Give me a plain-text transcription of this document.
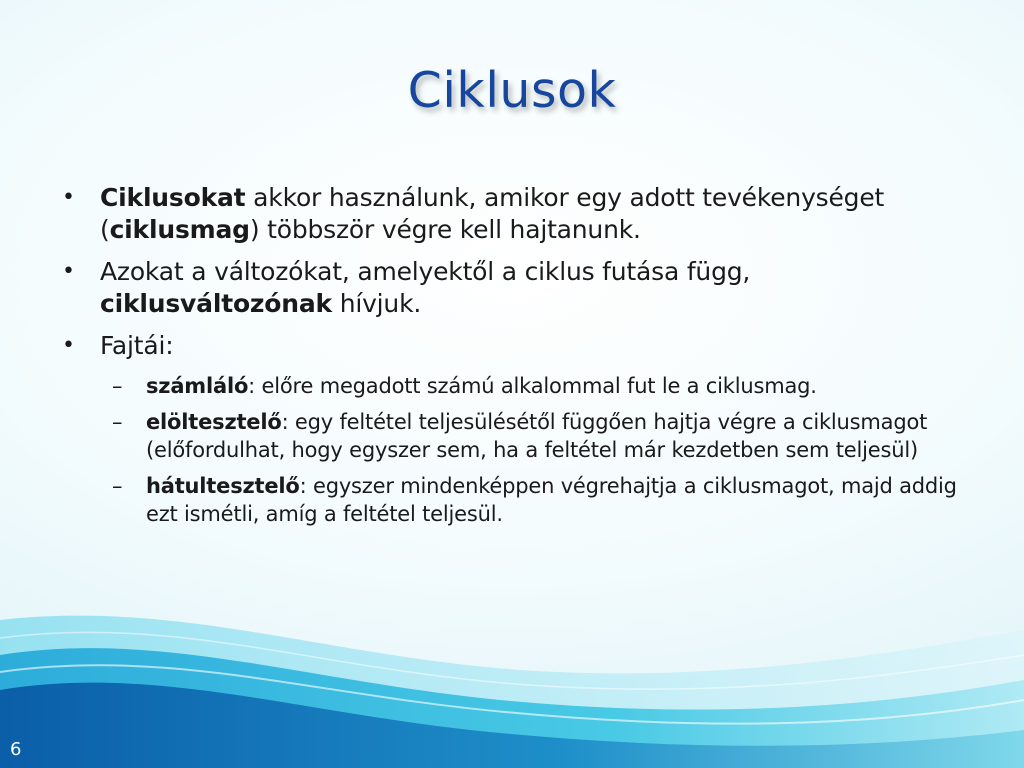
Ciklusok
• Ciklusokat akkor használunk, amikor egy adott tevékenységet (ciklusmag) többször végre kell hajtanunk.
• Azokat a változókat, amelyektől a ciklus futása függ, ciklusváltozónak hívjuk.
• Fajtái:
–	számláló: előre megadott számú alkalommal fut le a ciklusmag.
–	elöltesztelő: egy feltétel teljesülésétől függően hajtja végre a ciklusmagot (előfordulhat, hogy egyszer sem, ha a feltétel már kezdetben sem teljesül)
–	hátultesztelő: egyszer mindenképpen végrehajtja a ciklusmagot, majd addig ezt ismétli, amíg a feltétel teljesül.
6
